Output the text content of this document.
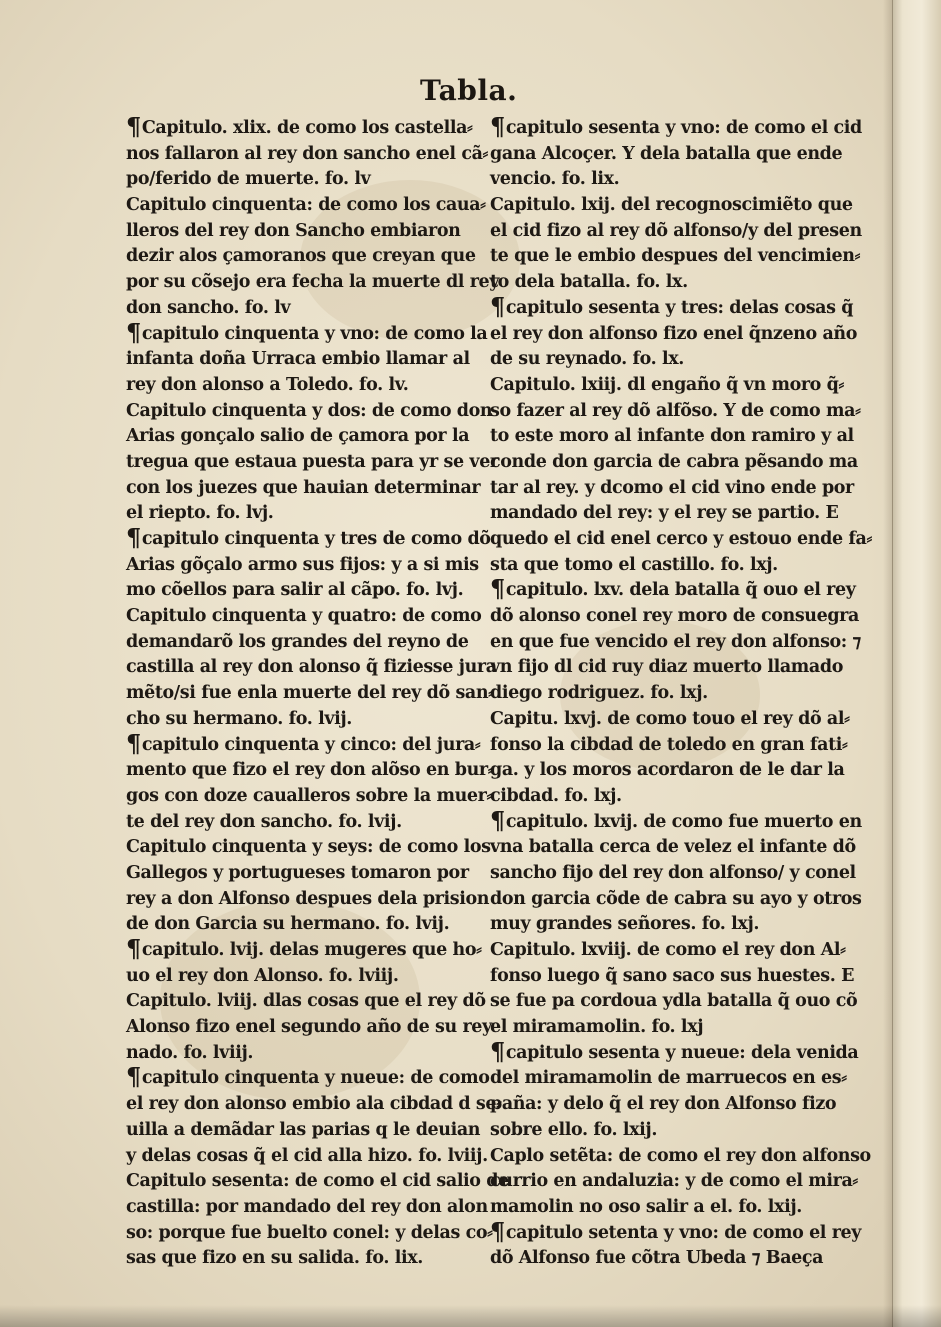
Tabla.
¶Capitulo. xlix. de como los castella⸗
nos fallaron al rey don sancho enel cã⸗
po/ferido de muerte. fo. lv
Capitulo cinquenta: de como los caua⸗
lleros del rey don Sancho embiaron
dezir alos çamoranos que creyan que
por su cõsejo era fecha la muerte dl rey
don sancho. fo. lv
¶capitulo cinquenta y vno: de como la
infanta doña Urraca embio llamar al
rey don alonso a Toledo. fo. lv.
Capitulo cinquenta y dos: de como don
Arias gonçalo salio de çamora por la
tregua que estaua puesta para yr se ver
con los juezes que hauian determinar
el riepto. fo. lvj.
¶capitulo cinquenta y tres de como dõ
Arias gõçalo armo sus fijos: y a si mis
mo cõellos para salir al cãpo. fo. lvj.
Capitulo cinquenta y quatro: de como
demandarõ los grandes del reyno de
castilla al rey don alonso q̃ fiziesse jura
mẽto/si fue enla muerte del rey dõ san⸗
cho su hermano. fo. lvij.
¶capitulo cinquenta y cinco: del jura⸗
mento que fizo el rey don alõso en bur⸗
gos con doze caualleros sobre la muer⸗
te del rey don sancho. fo. lvij.
Capitulo cinquenta y seys: de como los
Gallegos y portugueses tomaron por
rey a don Alfonso despues dela prision
de don Garcia su hermano. fo. lvij.
¶capitulo. lvij. delas mugeres que ho⸗
uo el rey don Alonso. fo. lviij.
Capitulo. lviij. dlas cosas que el rey dõ
Alonso fizo enel segundo año de su rey
nado. fo. lviij.
¶capitulo cinquenta y nueue: de como
el rey don alonso embio ala cibdad d se⸗
uilla a demãdar las parias q le deuian
y delas cosas q̃ el cid alla hizo. fo. lviij.
Capitulo sesenta: de como el cid salio de
castilla: por mandado del rey don alon
so: porque fue buelto conel: y delas co⸗
sas que fizo en su salida. fo. lix.
¶capitulo sesenta y vno: de como el cid
gana Alcoçer. Y dela batalla que ende
vencio. fo. lix.
Capitulo. lxij. del recognoscimiẽto que
el cid fizo al rey dõ alfonso/y del presen
te que le embio despues del vencimien⸗
to dela batalla. fo. lx.
¶capitulo sesenta y tres: delas cosas q̃
el rey don alfonso fizo enel q̃nzeno año
de su reynado. fo. lx.
Capitulo. lxiij. dl engaño q̃ vn moro q̃⸗
so fazer al rey dõ alfõso. Y de como ma⸗
to este moro al infante don ramiro y al
conde don garcia de cabra pẽsando ma
tar al rey. y dcomo el cid vino ende por
mandado del rey: y el rey se partio. E
quedo el cid enel cerco y estouo ende fa⸗
sta que tomo el castillo. fo. lxj.
¶capitulo. lxv. dela batalla q̃ ouo el rey
dõ alonso conel rey moro de consuegra
en que fue vencido el rey don alfonso: ⁊
vn fijo dl cid ruy diaz muerto llamado
diego rodriguez. fo. lxj.
Capitu. lxvj. de como touo el rey dõ al⸗
fonso la cibdad de toledo en gran fati⸗
ga. y los moros acordaron de le dar la
cibdad. fo. lxj.
¶capitulo. lxvij. de como fue muerto en
vna batalla cerca de velez el infante dõ
sancho fijo del rey don alfonso/ y conel
don garcia cõde de cabra su ayo y otros
muy grandes señores. fo. lxj.
Capitulo. lxviij. de como el rey don Al⸗
fonso luego q̃ sano saco sus huestes. E
se fue pa cordoua ydla batalla q̃ ouo cõ
el miramamolin. fo. lxj
¶capitulo sesenta y nueue: dela venida
del miramamolin de marruecos en es⸗
paña: y delo q̃ el rey don Alfonso fizo
sobre ello. fo. lxij.
Caplo setẽta: de como el rey don alfonso
currio en andaluzia: y de como el mira⸗
mamolin no oso salir a el. fo. lxij.
¶capitulo setenta y vno: de como el rey
dõ Alfonso fue cõtra Ubeda ⁊ Baeça
